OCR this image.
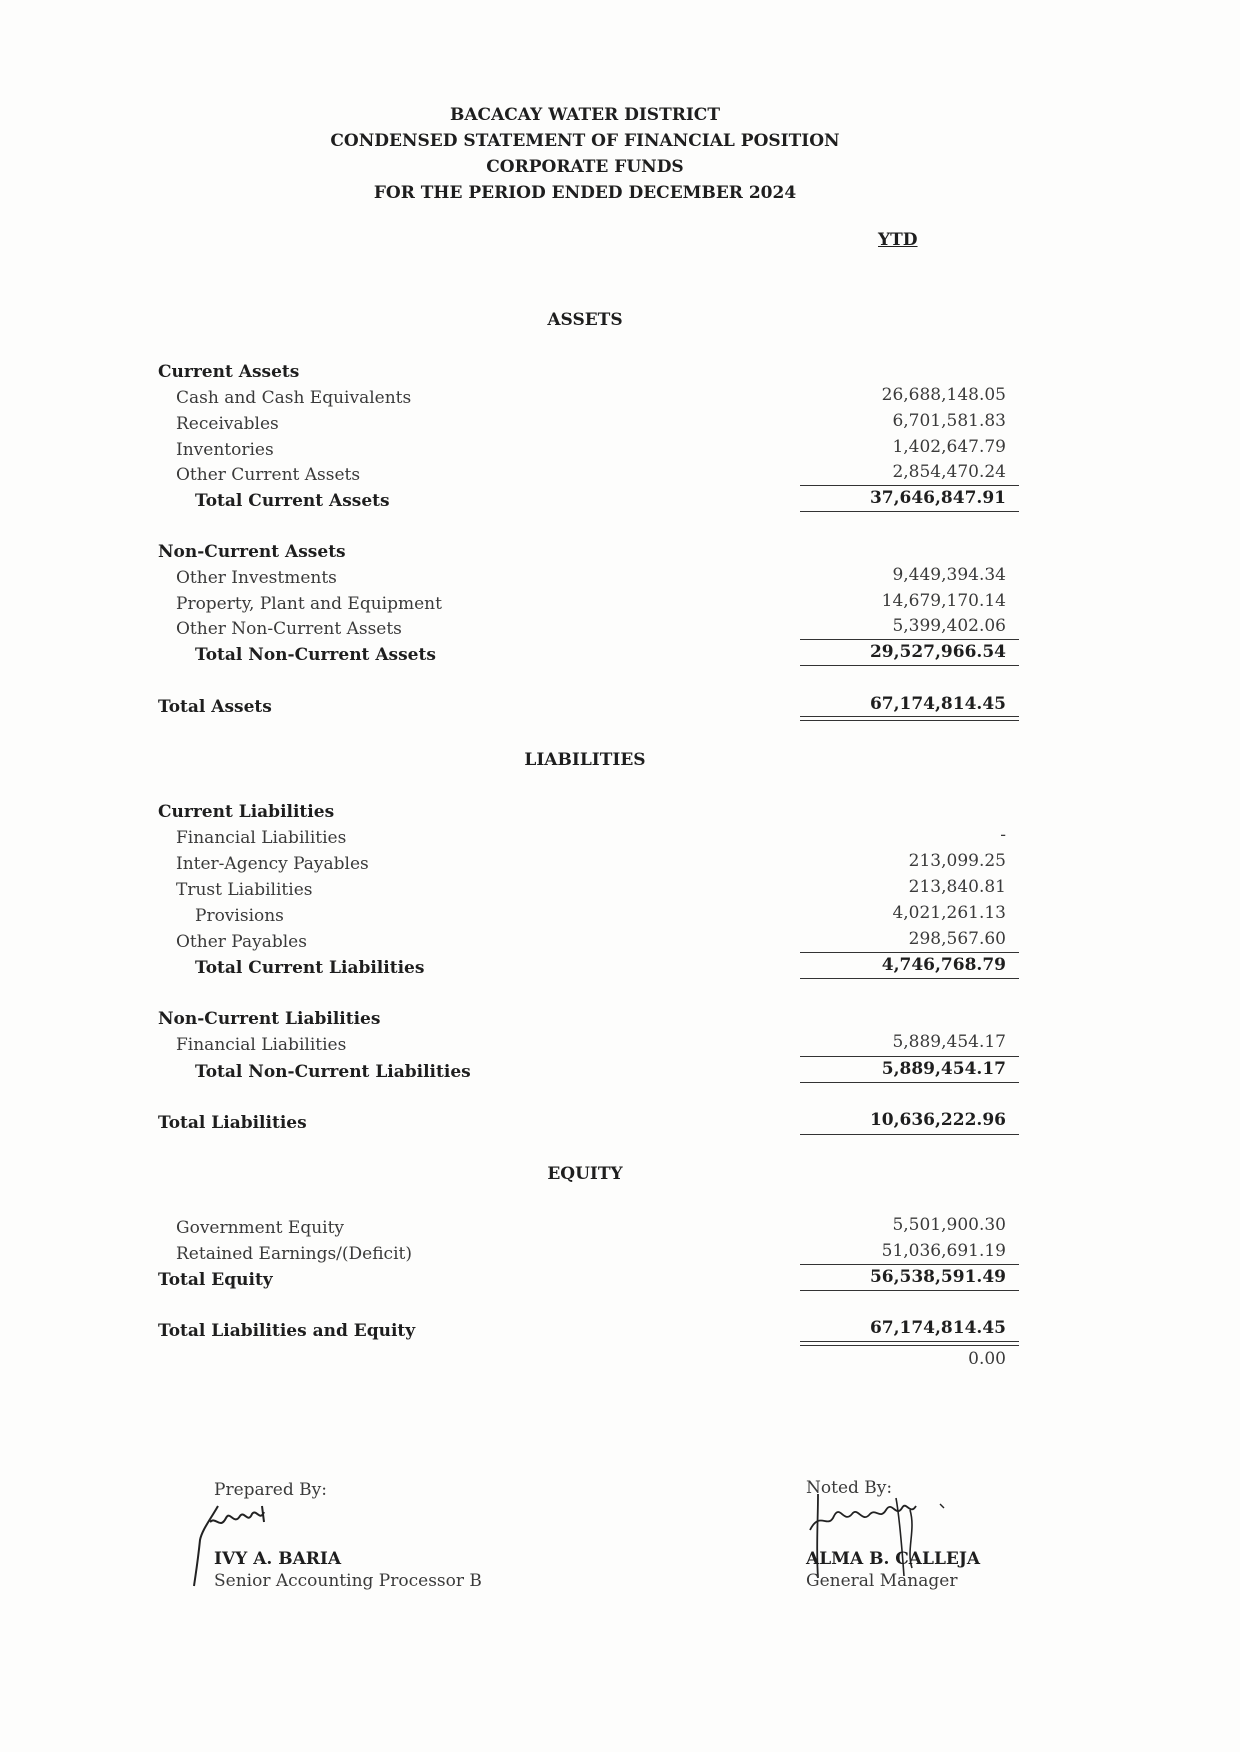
BACACAY WATER DISTRICT
CONDENSED STATEMENT OF FINANCIAL POSITION
CORPORATE FUNDS
FOR THE PERIOD ENDED DECEMBER 2024
YTD
ASSETS
Current Assets
Cash and Cash Equivalents	26,688,148.05
Receivables	6,701,581.83
Inventories	1,402,647.79
Other Current Assets	2,854,470.24
Total Current Assets	37,646,847.91
Non-Current Assets
Other Investments	9,449,394.34
Property, Plant and Equipment	14,679,170.14
Other Non-Current Assets	5,399,402.06
Total Non-Current Assets	29,527,966.54
Total Assets	67,174,814.45
LIABILITIES
Current Liabilities
Financial Liabilities	-
Inter-Agency Payables	213,099.25
Trust Liabilities	213,840.81
Provisions	4,021,261.13
Other Payables	298,567.60
Total Current Liabilities	4,746,768.79
Non-Current Liabilities
Financial Liabilities	5,889,454.17
Total Non-Current Liabilities	5,889,454.17
Total Liabilities	10,636,222.96
EQUITY
Government Equity	5,501,900.30
Retained Earnings/(Deficit)	51,036,691.19
Total Equity	56,538,591.49
Total Liabilities and Equity	67,174,814.45
0.00
Prepared By:
IVY A. BARIA
Senior Accounting Processor B
Noted By:
ALMA B. CALLEJA
General Manager
